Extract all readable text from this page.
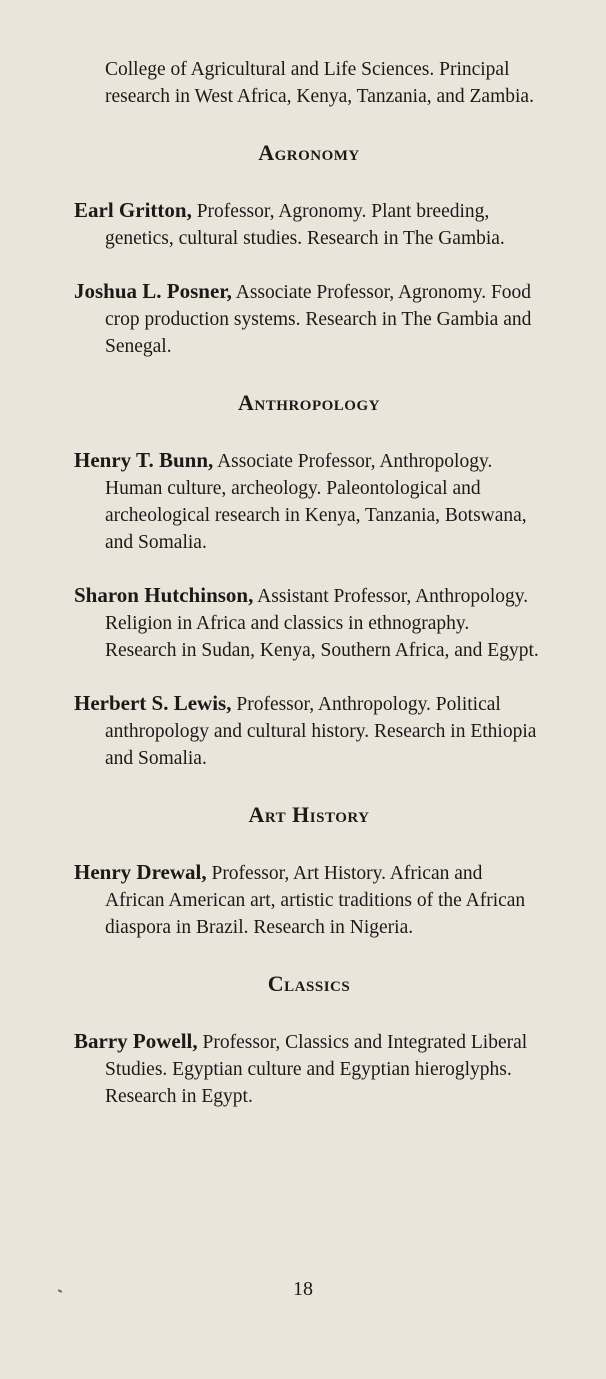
College of Agricultural and Life Sciences. Principal research in West Africa, Kenya, Tanzania, and Zambia.

Agronomy

Earl Gritton, Professor, Agronomy. Plant breeding, genetics, cultural studies. Research in The Gambia.

Joshua L. Posner, Associate Professor, Agronomy. Food crop production systems. Research in The Gambia and Senegal.

Anthropology

Henry T. Bunn, Associate Professor, Anthropology. Human culture, archeology. Paleontological and archeological research in Kenya, Tanzania, Botswana, and Somalia.

Sharon Hutchinson, Assistant Professor, Anthropology. Religion in Africa and classics in ethnography. Research in Sudan, Kenya, Southern Africa, and Egypt.

Herbert S. Lewis, Professor, Anthropology. Political anthropology and cultural history. Research in Ethiopia and Somalia.

Art History

Henry Drewal, Professor, Art History. African and African American art, artistic traditions of the African diaspora in Brazil. Research in Nigeria.

Classics

Barry Powell, Professor, Classics and Integrated Liberal Studies. Egyptian culture and Egyptian hieroglyphs. Research in Egypt.

18
